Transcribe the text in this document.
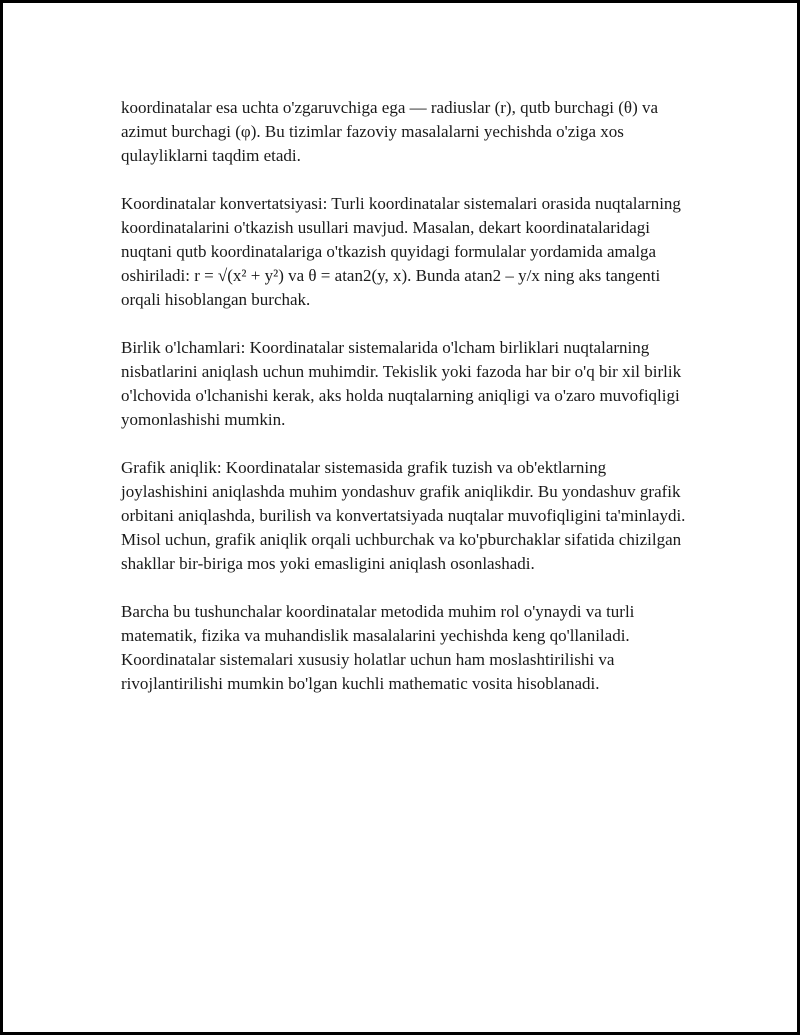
koordinatalar esa uchta o'zgaruvchiga ega — radiuslar (r), qutb burchagi (θ) va azimut burchagi (φ). Bu tizimlar fazoviy masalalarni yechishda o'ziga xos qulayliklarni taqdim etadi.

Koordinatalar konvertatsiyasi: Turli koordinatalar sistemalari orasida nuqtalarning koordinatalarini o'tkazish usullari mavjud. Masalan, dekart koordinatalaridagi nuqtani qutb koordinatalariga o'tkazish quyidagi formulalar yordamida amalga oshiriladi: r = √(x² + y²) va θ = atan2(y, x). Bunda atan2 – y/x ning aks tangenti orqali hisoblangan burchak.

Birlik o'lchamlari: Koordinatalar sistemalarida o'lcham birliklari nuqtalarning nisbatlarini aniqlash uchun muhimdir. Tekislik yoki fazoda har bir o'q bir xil birlik o'lchovida o'lchanishi kerak, aks holda nuqtalarning aniqligi va o'zaro muvofiqligi yomonlashishi mumkin.

Grafik aniqlik: Koordinatalar sistemasida grafik tuzish va ob'ektlarning joylashishini aniqlashda muhim yondashuv grafik aniqlikdir. Bu yondashuv grafik orbitani aniqlashda, burilish va konvertatsiyada nuqtalar muvofiqligini ta'minlaydi. Misol uchun, grafik aniqlik orqali uchburchak va ko'pburchaklar sifatida chizilgan shakllar bir-biriga mos yoki emasligini aniqlash osonlashadi.

Barcha bu tushunchalar koordinatalar metodida muhim rol o'ynaydi va turli matematik, fizika va muhandislik masalalarini yechishda keng qo'llaniladi. Koordinatalar sistemalari xususiy holatlar uchun ham moslashtirilishi va rivojlantirilishi mumkin bo'lgan kuchli mathematic vosita hisoblanadi.
